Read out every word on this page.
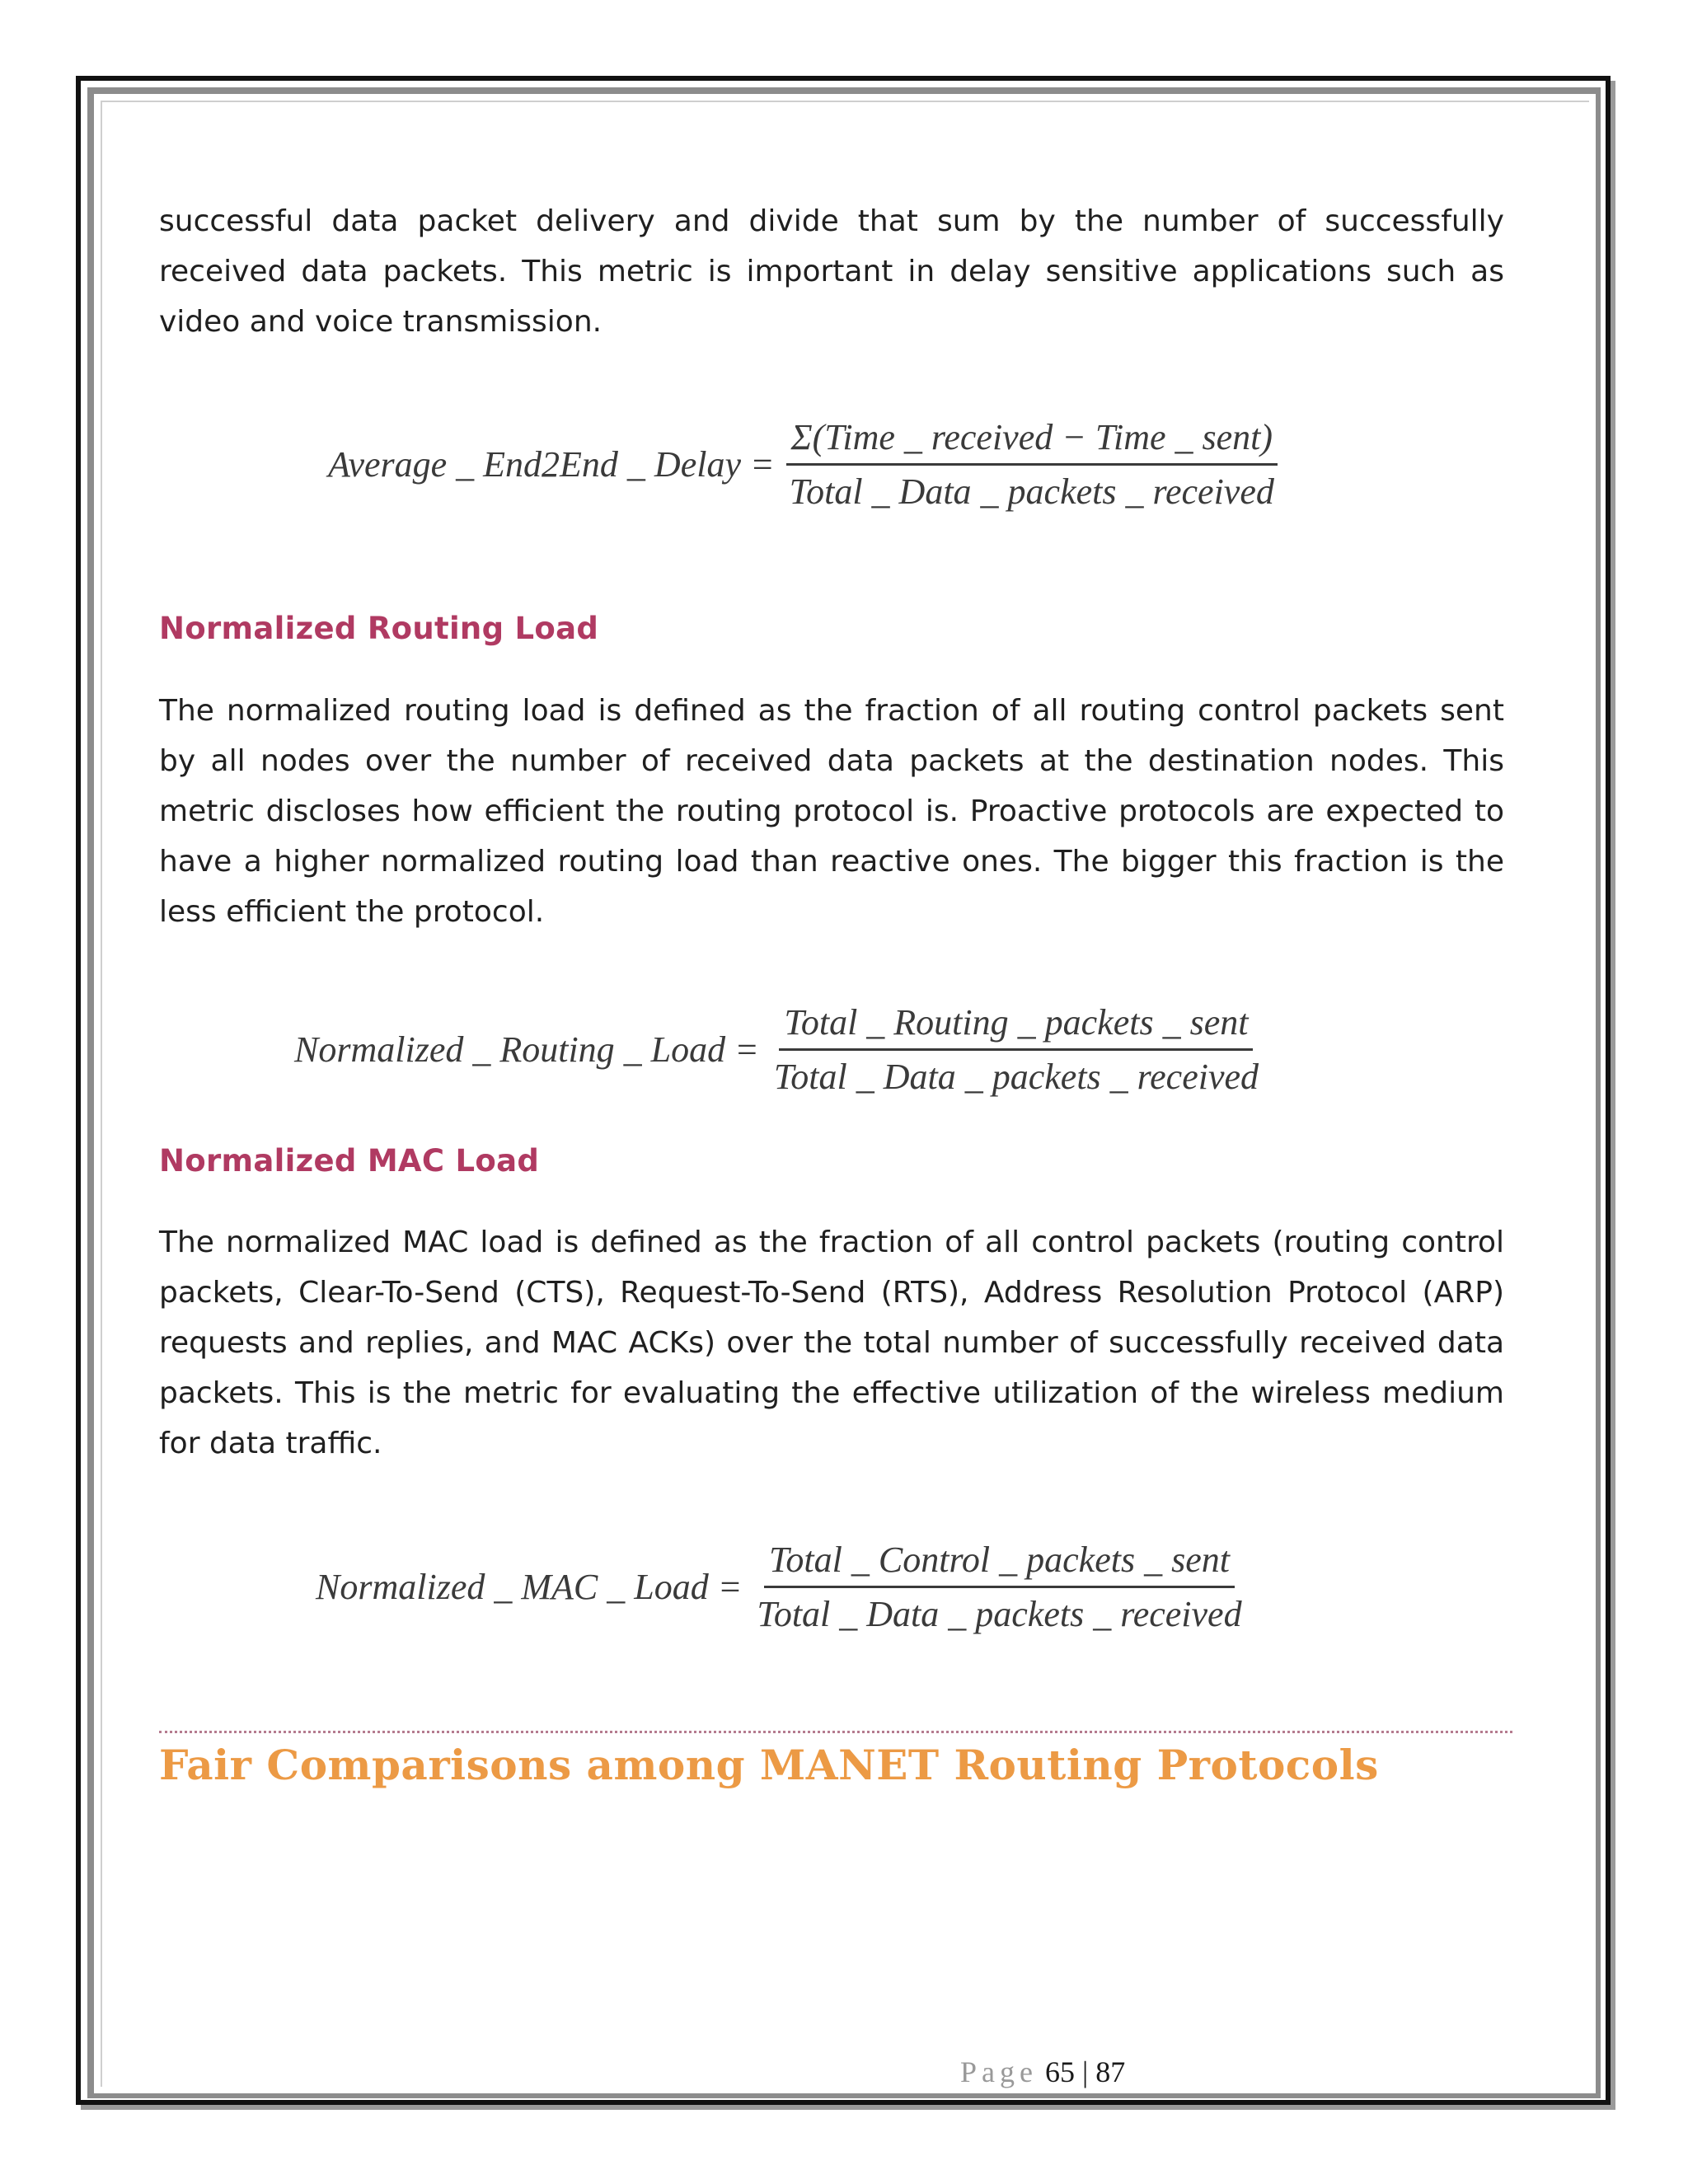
successful data packet delivery and divide that sum by the number of successfully received data packets. This metric is important in delay sensitive applications such as video and voice transmission.

Average _ End2End _ Delay = $\frac{\text{Σ(Time \_ received − Time \_ sent)}}{\text{Total \_ Data \_ packets \_ received}}$
Normalized Routing Load

The normalized routing load is defined as the fraction of all routing control packets sent by all nodes over the number of received data packets at the destination nodes. This metric discloses how efficient the routing protocol is. Proactive protocols are expected to have a higher normalized routing load than reactive ones. The bigger this fraction is the less efficient the protocol.

Normalized _ Routing _ Load = $\frac{\text{Total \_ Routing \_ packets \_ sent}}{\text{Total \_ Data \_ packets \_ received}}$
Normalized MAC Load

The normalized MAC load is defined as the fraction of all control packets (routing control packets, Clear-To-Send (CTS), Request-To-Send (RTS), Address Resolution Protocol (ARP) requests and replies, and MAC ACKs) over the total number of successfully received data packets. This is the metric for evaluating the effective utilization of the wireless medium for data traffic.

Normalized _ MAC _ Load = $\frac{\text{Total \_ Control \_ packets \_ sent}}{\text{Total \_ Data \_ packets \_ received}}$
Fair Comparisons among MANET Routing Protocols
Page 65 | 87
